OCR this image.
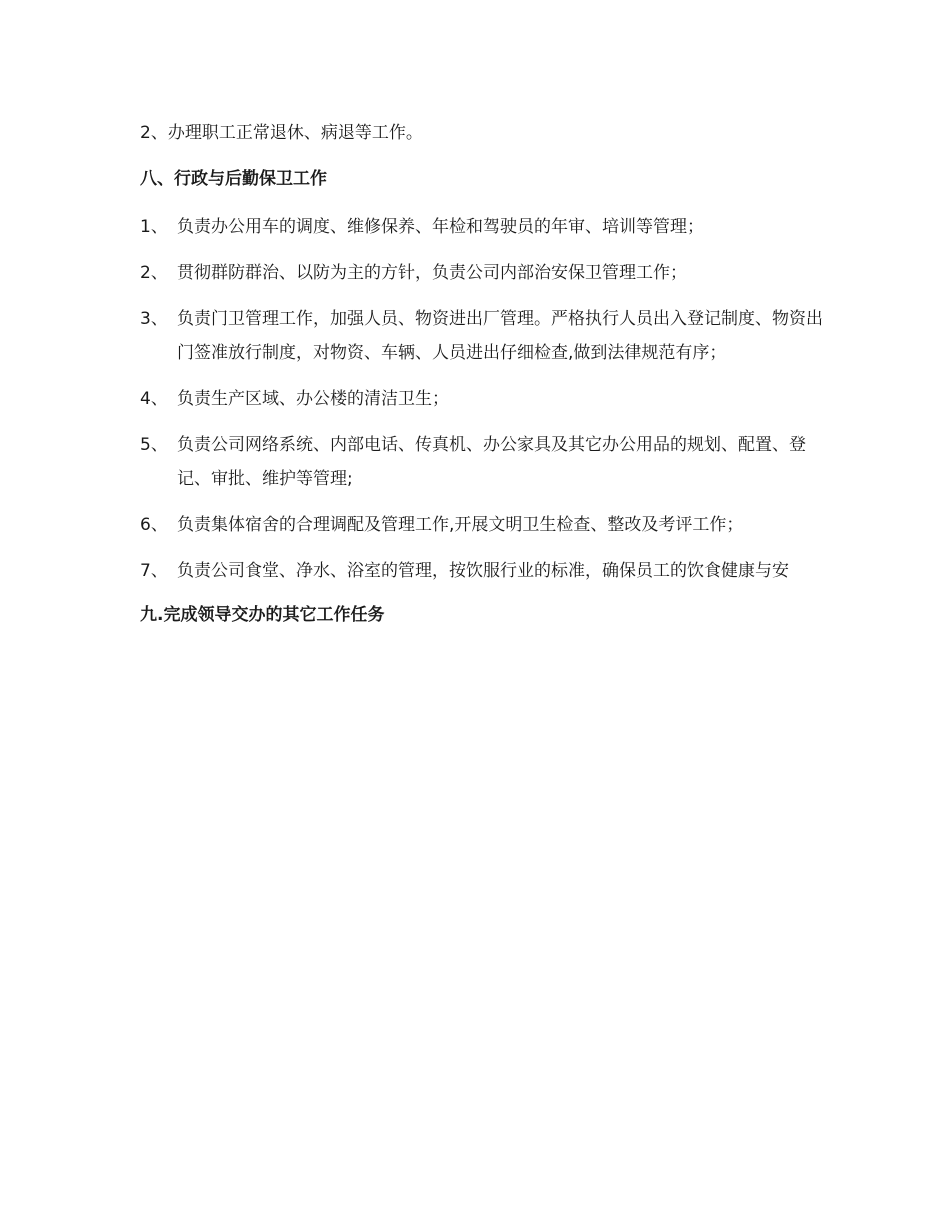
2、办理职工正常退休、病退等工作。

八、行政与后勤保卫工作
1、 负责办公用车的调度、维修保养、年检和驾驶员的年审、培训等管理；
2、 贯彻群防群治、以防为主的方针，负责公司内部治安保卫管理工作；
3、 负责门卫管理工作，加强人员、物资进出厂管理。严格执行人员出入登记制度、物资出门签准放行制度，对物资、车辆、人员进出仔细检查,做到法律规范有序；
4、 负责生产区域、办公楼的清洁卫生；
5、 负责公司网络系统、内部电话、传真机、办公家具及其它办公用品的规划、配置、登记、审批、维护等管理;
6、 负责集体宿舍的合理调配及管理工作,开展文明卫生检查、整改及考评工作；
7、 负责公司食堂、净水、浴室的管理，按饮服行业的标准，确保员工的饮食健康与安
九.完成领导交办的其它工作任务
